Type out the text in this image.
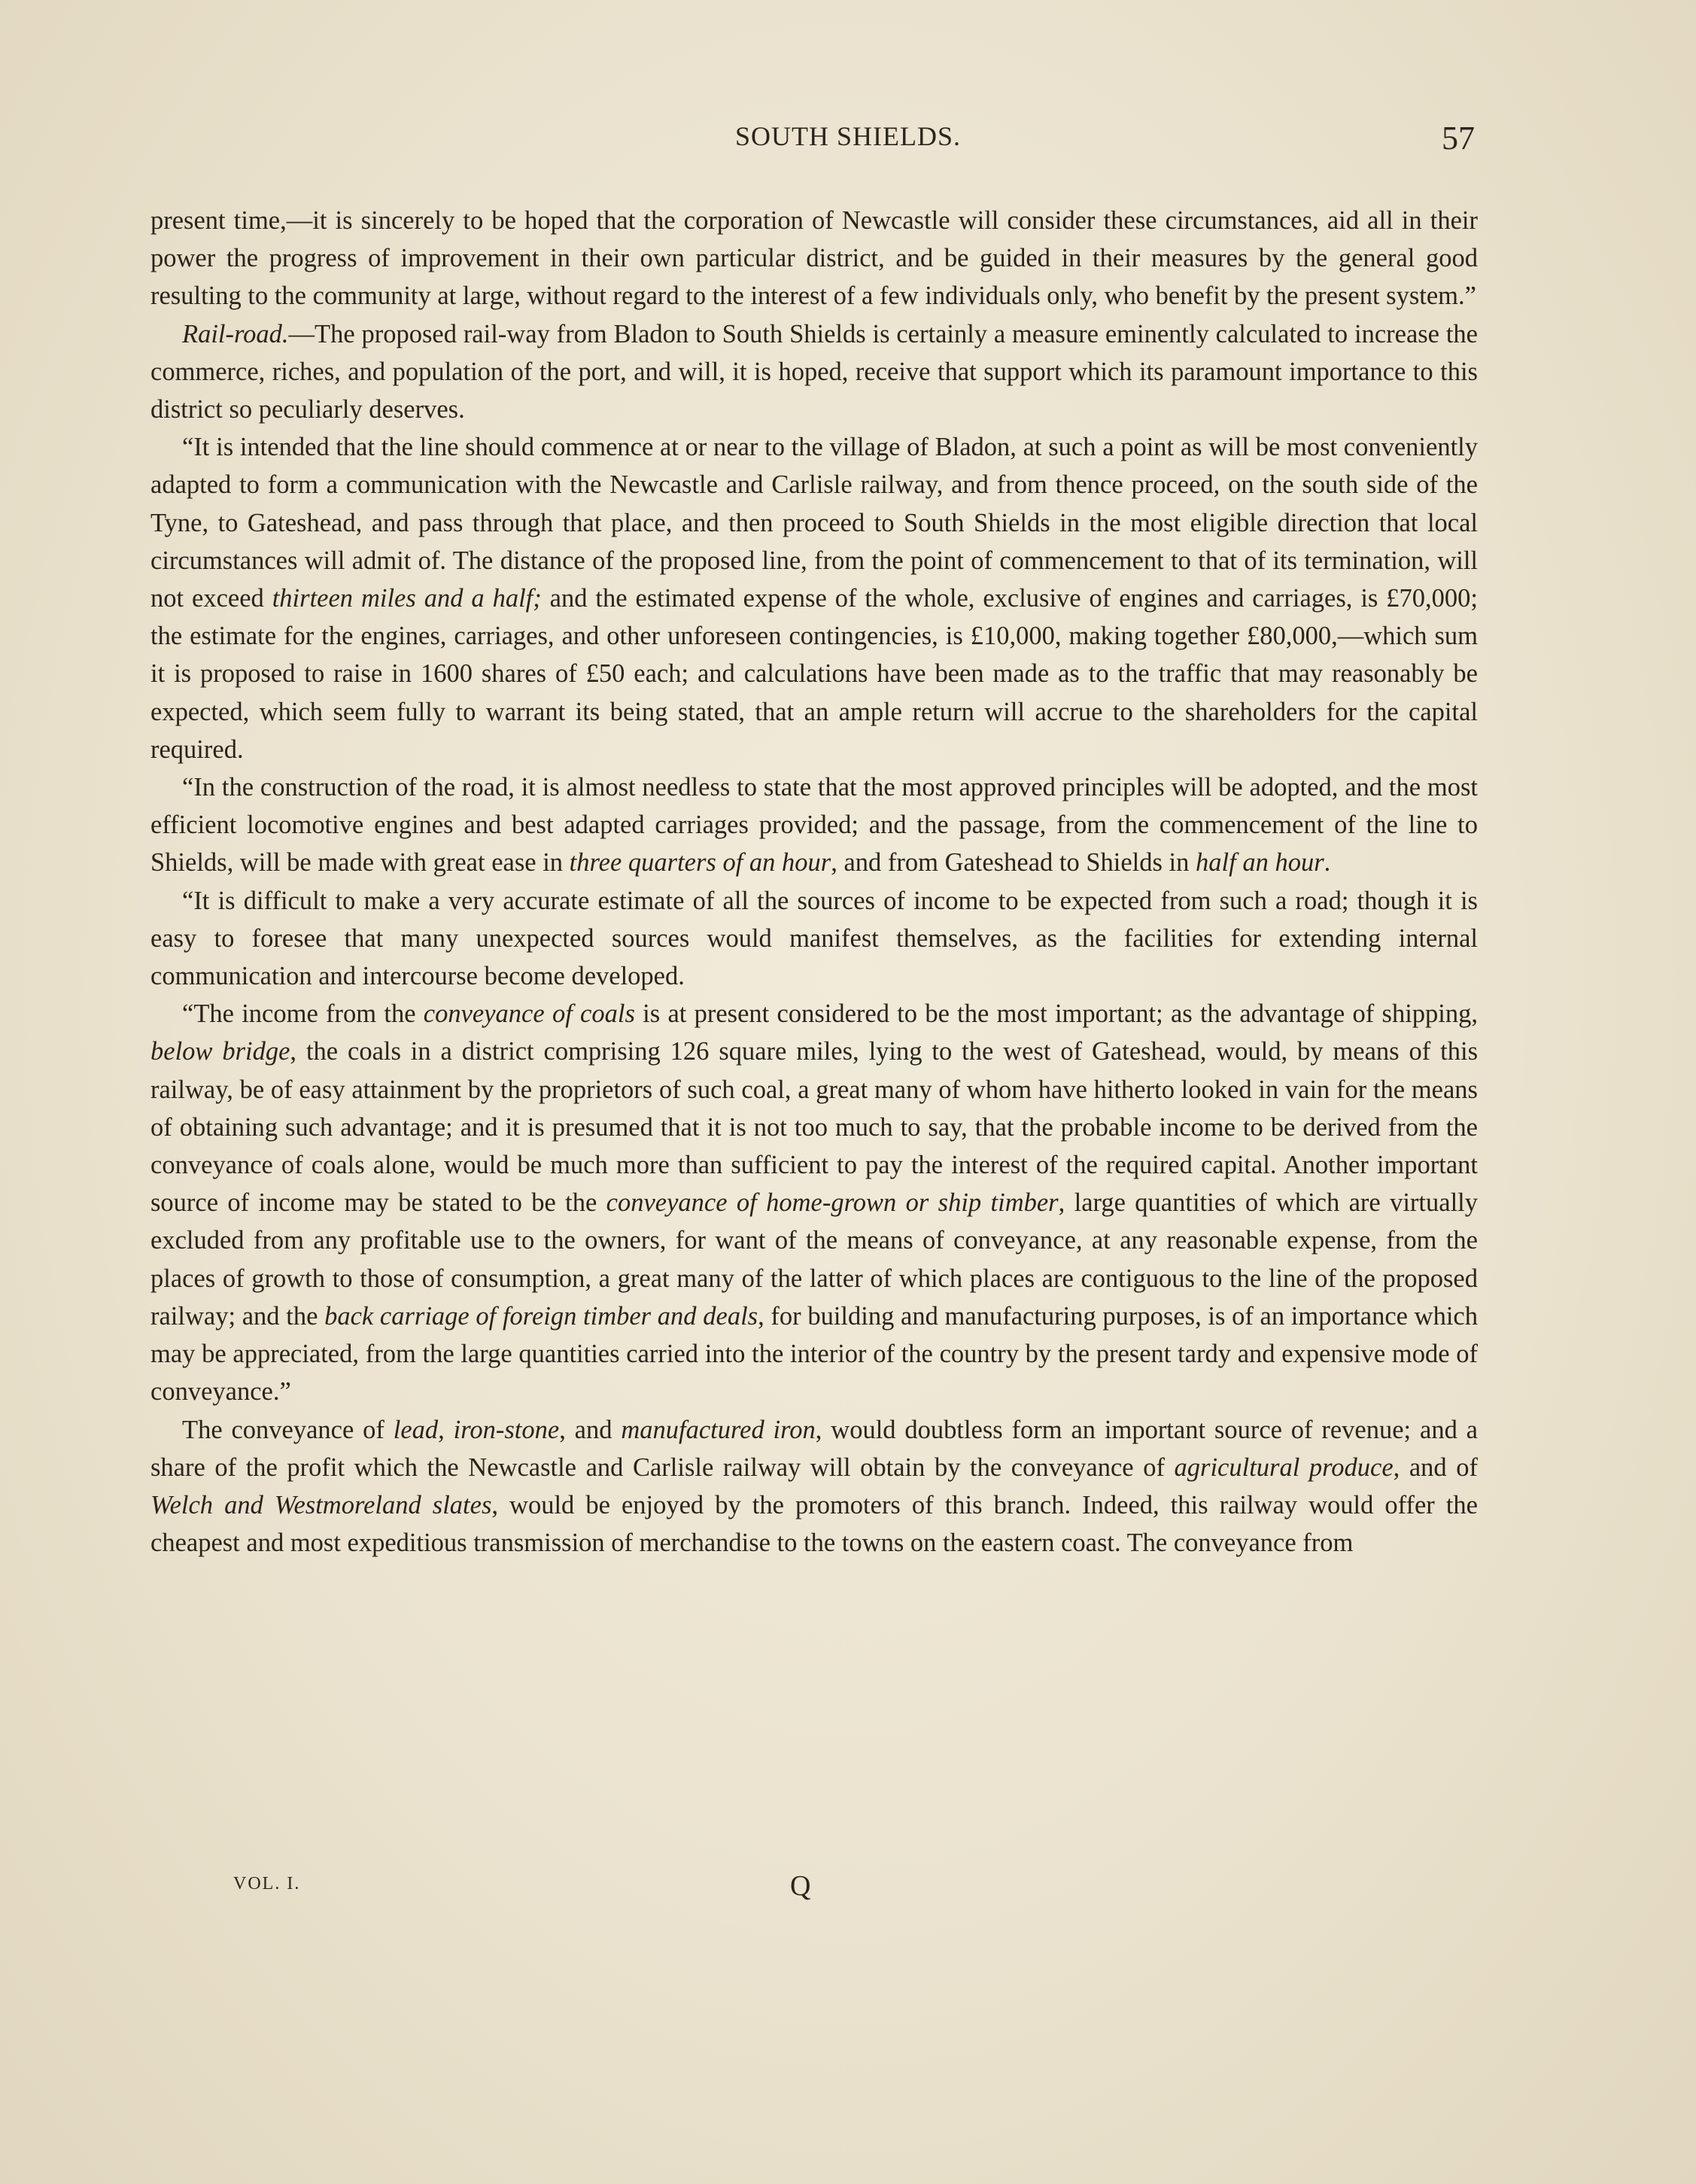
SOUTH SHIELDS.	57

present time,—it is sincerely to be hoped that the corporation of Newcastle will consider these circumstances, aid all in their power the progress of improvement in their own particular district, and be guided in their measures by the general good resulting to the community at large, without regard to the interest of a few individuals only, who benefit by the present system.”

Rail-road.—The proposed rail-way from Bladon to South Shields is certainly a measure eminently calculated to increase the commerce, riches, and population of the port, and will, it is hoped, receive that support which its paramount importance to this district so peculiarly deserves.

“It is intended that the line should commence at or near to the village of Bladon, at such a point as will be most conveniently adapted to form a communication with the Newcastle and Carlisle railway, and from thence proceed, on the south side of the Tyne, to Gateshead, and pass through that place, and then proceed to South Shields in the most eligible direction that local circumstances will admit of. The distance of the proposed line, from the point of commencement to that of its termination, will not exceed thirteen miles and a half; and the estimated expense of the whole, exclusive of engines and carriages, is £70,000; the estimate for the engines, carriages, and other unforeseen contingencies, is £10,000, making together £80,000,—which sum it is proposed to raise in 1600 shares of £50 each; and calculations have been made as to the traffic that may reasonably be expected, which seem fully to warrant its being stated, that an ample return will accrue to the shareholders for the capital required.

“In the construction of the road, it is almost needless to state that the most approved principles will be adopted, and the most efficient locomotive engines and best adapted carriages provided; and the passage, from the commencement of the line to Shields, will be made with great ease in three quarters of an hour, and from Gateshead to Shields in half an hour.

“It is difficult to make a very accurate estimate of all the sources of income to be expected from such a road; though it is easy to foresee that many unexpected sources would manifest themselves, as the facilities for extending internal communication and intercourse become developed.

“The income from the conveyance of coals is at present considered to be the most important; as the advantage of shipping, below bridge, the coals in a district comprising 126 square miles, lying to the west of Gateshead, would, by means of this railway, be of easy attainment by the proprietors of such coal, a great many of whom have hitherto looked in vain for the means of obtaining such advantage; and it is presumed that it is not too much to say, that the probable income to be derived from the conveyance of coals alone, would be much more than sufficient to pay the interest of the required capital. Another important source of income may be stated to be the conveyance of home-grown or ship timber, large quantities of which are virtually excluded from any profitable use to the owners, for want of the means of conveyance, at any reasonable expense, from the places of growth to those of consumption, a great many of the latter of which places are contiguous to the line of the proposed railway; and the back carriage of foreign timber and deals, for building and manufacturing purposes, is of an importance which may be appreciated, from the large quantities carried into the interior of the country by the present tardy and expensive mode of conveyance.”

The conveyance of lead, iron-stone, and manufactured iron, would doubtless form an important source of revenue; and a share of the profit which the Newcastle and Carlisle railway will obtain by the conveyance of agricultural produce, and of Welch and Westmoreland slates, would be enjoyed by the promoters of this branch. Indeed, this railway would offer the cheapest and most expeditious transmission of merchandise to the towns on the eastern coast. The conveyance from

VOL. I.	Q
